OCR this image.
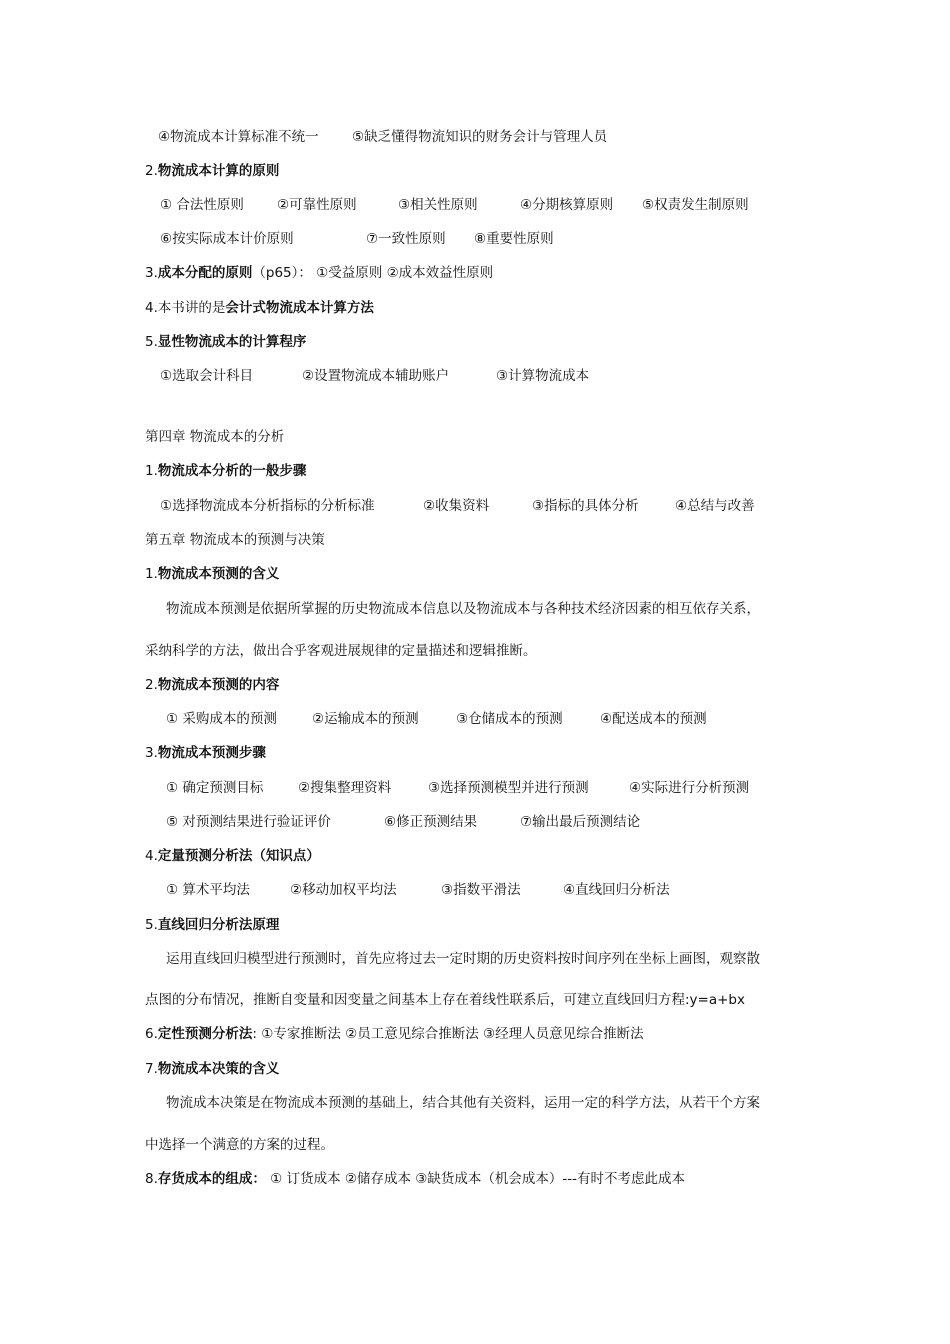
④物流成本计算标准不统一 ⑤缺乏懂得物流知识的财务会计与管理人员
2.物流成本计算的原则
① 合法性原则 ②可靠性原则	③相关性原则	④分期核算原则 ⑤权责发生制原则
⑥按实际成本计价原则	⑦一致性原则 ⑧重要性原则
3.成本分配的原则（p65）： ①受益原则 ②成本效益性原则
4.本书讲的是会计式物流成本计算方法
5.显性物流成本的计算程序
①选取会计科目	②设置物流成本辅助账户	③计算物流成本
第四章 物流成本的分析
1.物流成本分析的一般步骤
①选择物流成本分析指标的分析标准	②收集资料	③指标的具体分析	④总结与改善
第五章 物流成本的预测与决策
1.物流成本预测的含义
物流成本预测是依据所掌握的历史物流成本信息以及物流成本与各种技术经济因素的相互依存关系，
采纳科学的方法，做出合乎客观进展规律的定量描述和逻辑推断。
2.物流成本预测的内容
① 采购成本的预测	②运输成本的预测	③仓储成本的预测	④配送成本的预测
3.物流成本预测步骤
① 确定预测目标	②搜集整理资料	③选择预测模型并进行预测	④实际进行分析预测
⑤ 对预测结果进行验证评价	⑥修正预测结果	⑦输出最后预测结论
4.定量预测分析法（知识点）
① 算术平均法	②移动加权平均法	③指数平滑法	④直线回归分析法
5.直线回归分析法原理
运用直线回归模型进行预测时，首先应将过去一定时期的历史资料按时间序列在坐标上画图，观察散
点图的分布情况，推断自变量和因变量之间基本上存在着线性联系后，可建立直线回归方程:y=a+bx
6.定性预测分析法: ①专家推断法 ②员工意见综合推断法 ③经理人员意见综合推断法
7.物流成本决策的含义
物流成本决策是在物流成本预测的基础上，结合其他有关资料，运用一定的科学方法，从若干个方案
中选择一个满意的方案的过程。
8.存货成本的组成： ① 订货成本 ②储存成本 ③缺货成本（机会成本）---有时不考虑此成本
